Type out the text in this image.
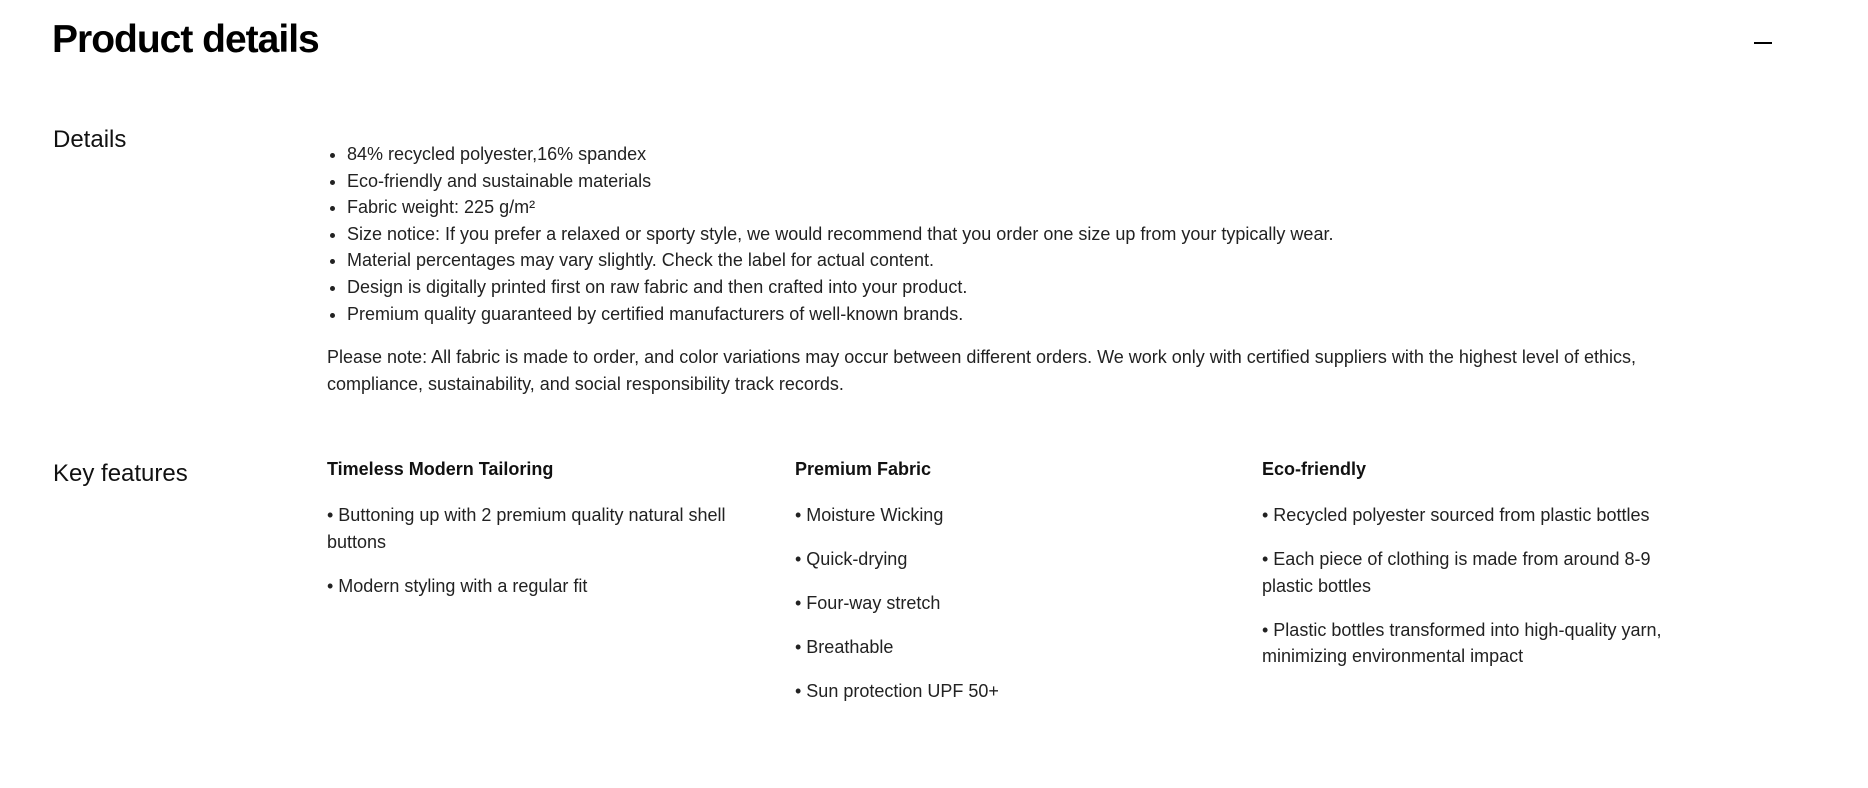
Product details
Details
• 84% recycled polyester,16% spandex
• Eco-friendly and sustainable materials
• Fabric weight: 225 g/m²
• Size notice: If you prefer a relaxed or sporty style, we would recommend that you order one size up from your typically wear.
• Material percentages may vary slightly. Check the label for actual content.
• Design is digitally printed first on raw fabric and then crafted into your product.
• Premium quality guaranteed by certified manufacturers of well-known brands.

Please note: All fabric is made to order, and color variations may occur between different orders. We work only with certified suppliers with the highest level of ethics, compliance, sustainability, and social responsibility track records.

Key features	Timeless Modern Tailoring

• Buttoning up with 2 premium quality natural shell buttons

• Modern styling with a regular fit

Premium Fabric

• Moisture Wicking

• Quick-drying

• Four-way stretch

• Breathable

• Sun protection UPF 50+

Eco-friendly

• Recycled polyester sourced from plastic bottles

• Each piece of clothing is made from around 8-9 plastic bottles

• Plastic bottles transformed into high-quality yarn, minimizing environmental impact
